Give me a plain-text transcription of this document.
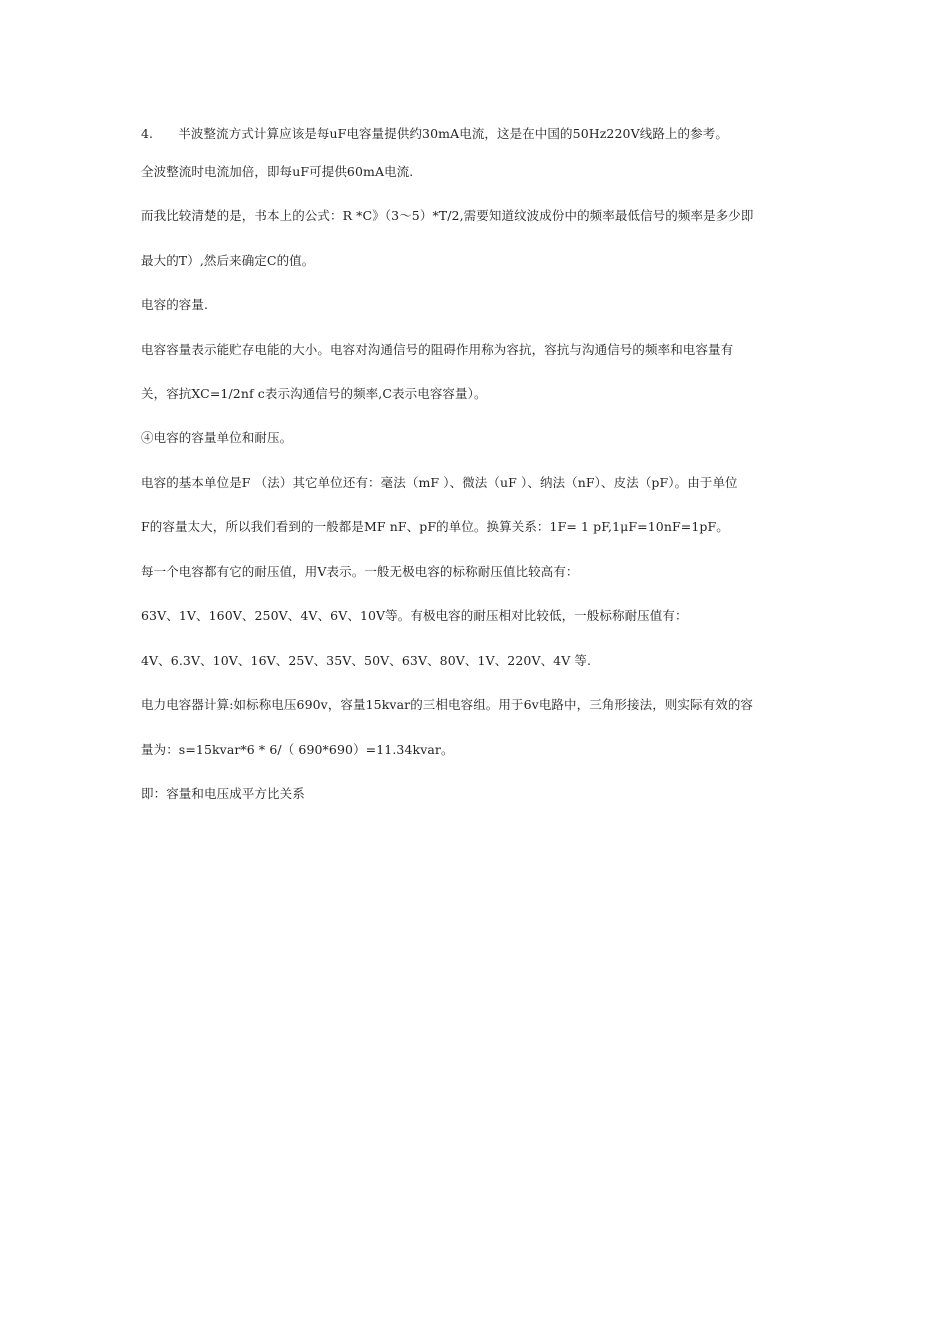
4.　　半波整流方式计算应该是每uF电容量提供约30mA电流，这是在中国的50Hz220V线路上的参考。
全波整流时电流加倍，即每uF可提供60mA电流.
而我比较清楚的是，书本上的公式：R *C》（3〜5）*T/2,需要知道纹波成份中的频率最低信号的频率是多少即
最大的T）,然后来确定C的值。
电容的容量.
电容容量表示能贮存电能的大小。电容对沟通信号的阻碍作用称为容抗，容抗与沟通信号的频率和电容量有
关，容抗XC=1/2nf c表示沟通信号的频率,C表示电容容量）。
④电容的容量单位和耐压。
电容的基本单位是F （法）其它单位还有：毫法（mF ）、微法（uF ）、纳法（nF）、皮法（pF）。由于单位
F的容量太大，所以我们看到的一般都是MF nF、pF的单位。换算关系：1F= 1 pF,1μF=10nF=1pF。
每一个电容都有它的耐压值，用V表示。一般无极电容的标称耐压值比较高有：
63V、1V、160V、250V、4V、6V、10V等。有极电容的耐压相对比较低，一般标称耐压值有：
4V、6.3V、10V、16V、25V、35V、50V、63V、80V、1V、220V、4V 等.
电力电容器计算:如标称电压690v，容量15kvar的三相电容组。用于6v电路中，三角形接法，则实际有效的容
量为：s=15kvar*6 * 6/（ 690*690）=11.34kvar。
即：容量和电压成平方比关系
